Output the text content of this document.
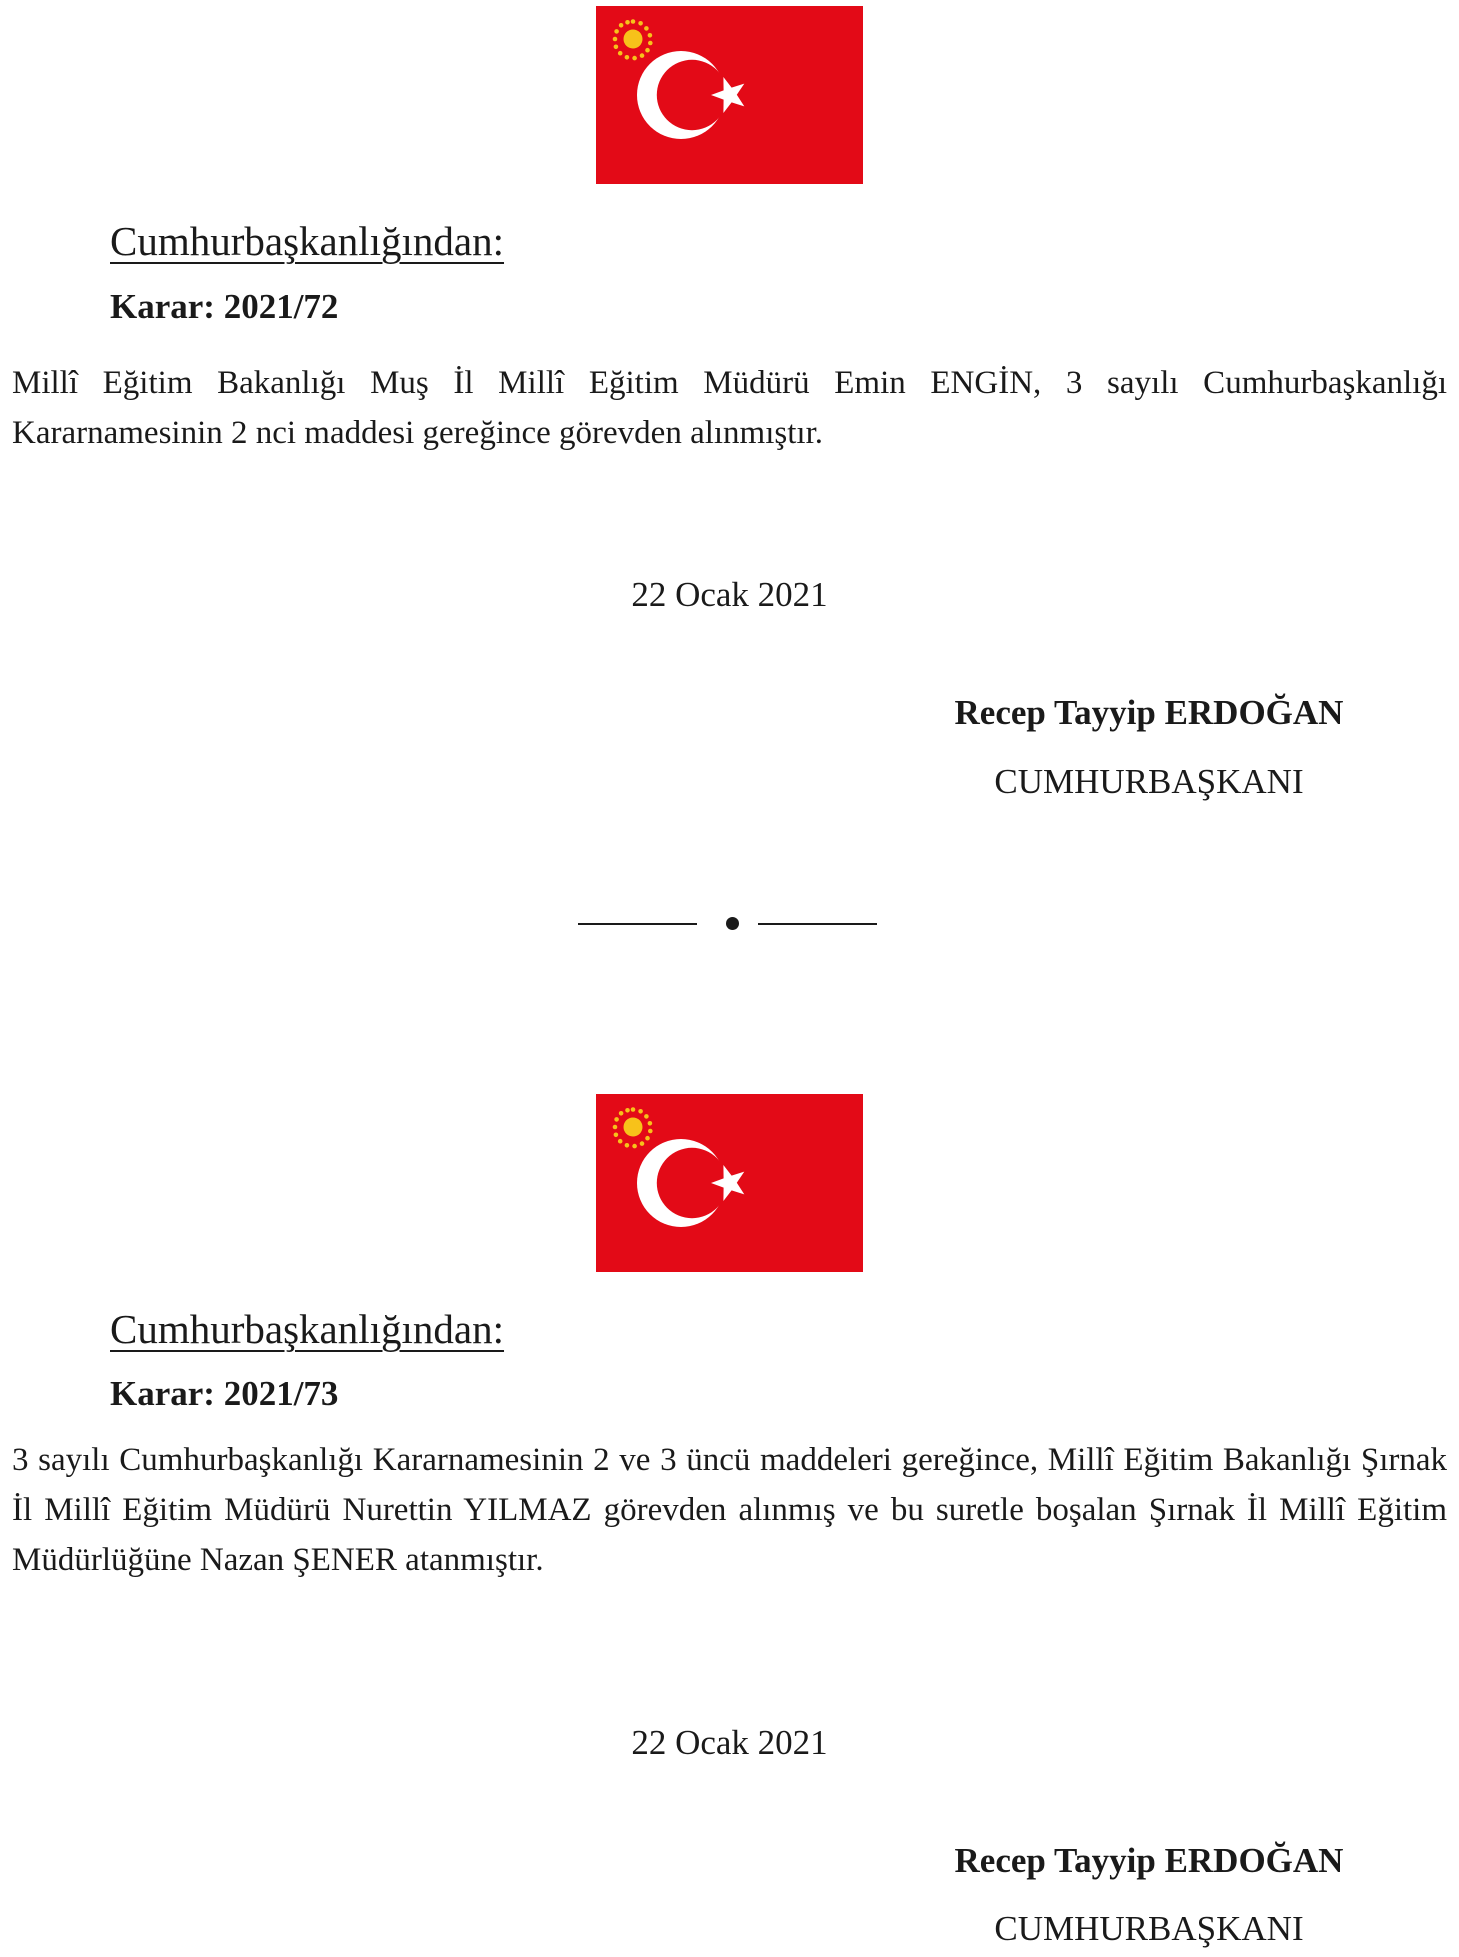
Cumhurbaşkanlığından:
Karar: 2021/72
Millî Eğitim Bakanlığı Muş İl Millî Eğitim Müdürü Emin ENGİN, 3 sayılı Cumhurbaşkanlığı Kararnamesinin 2 nci maddesi gereğince görevden alınmıştır.
22 Ocak 2021
Recep Tayyip ERDOĞAN
CUMHURBAŞKANI
Cumhurbaşkanlığından:
Karar: 2021/73
3 sayılı Cumhurbaşkanlığı Kararnamesinin 2 ve 3 üncü maddeleri gereğince, Millî Eğitim Bakanlığı Şırnak İl Millî Eğitim Müdürü Nurettin YILMAZ görevden alınmış ve bu suretle boşalan Şırnak İl Millî Eğitim Müdürlüğüne Nazan ŞENER atanmıştır.
22 Ocak 2021
Recep Tayyip ERDOĞAN
CUMHURBAŞKANI
